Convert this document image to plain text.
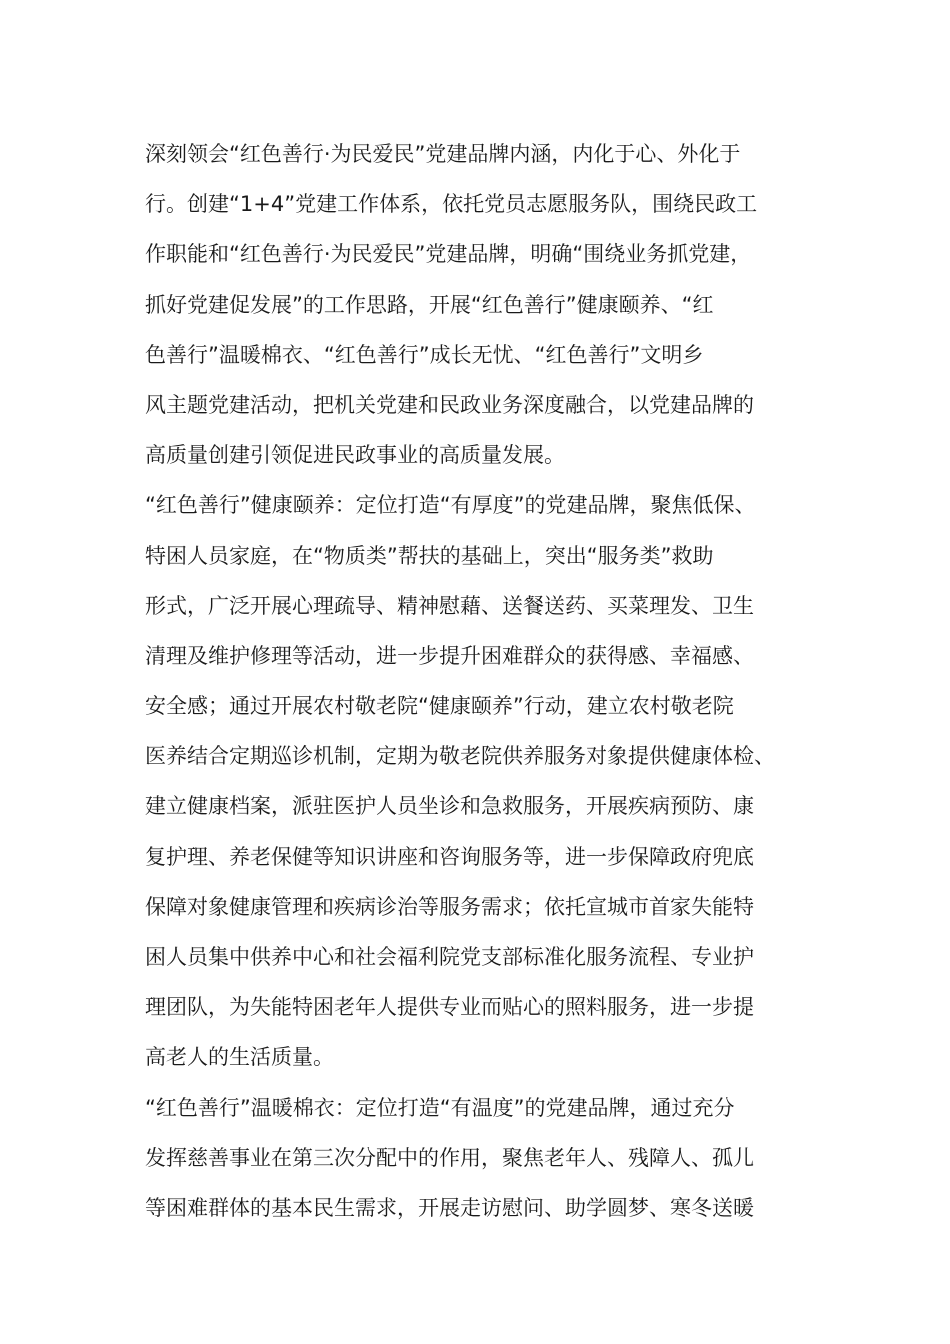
深刻领会“红色善行·为民爱民”党建品牌内涵，内化于心、外化于
行。创建“1+4”党建工作体系，依托党员志愿服务队，围绕民政工
作职能和“红色善行·为民爱民”党建品牌，明确“围绕业务抓党建，
抓好党建促发展”的工作思路，开展“红色善行”健康颐养、“红
色善行”温暖棉衣、“红色善行”成长无忧、“红色善行”文明乡
风主题党建活动，把机关党建和民政业务深度融合，以党建品牌的
高质量创建引领促进民政事业的高质量发展。
“红色善行”健康颐养：定位打造“有厚度”的党建品牌，聚焦低保、
特困人员家庭，在“物质类”帮扶的基础上，突出“服务类”救助
形式，广泛开展心理疏导、精神慰藉、送餐送药、买菜理发、卫生
清理及维护修理等活动，进一步提升困难群众的获得感、幸福感、
安全感；通过开展农村敬老院“健康颐养”行动，建立农村敬老院
医养结合定期巡诊机制，定期为敬老院供养服务对象提供健康体检、
建立健康档案，派驻医护人员坐诊和急救服务，开展疾病预防、康
复护理、养老保健等知识讲座和咨询服务等，进一步保障政府兜底
保障对象健康管理和疾病诊治等服务需求；依托宣城市首家失能特
困人员集中供养中心和社会福利院党支部标准化服务流程、专业护
理团队，为失能特困老年人提供专业而贴心的照料服务，进一步提
高老人的生活质量。
“红色善行”温暖棉衣：定位打造“有温度”的党建品牌，通过充分
发挥慈善事业在第三次分配中的作用，聚焦老年人、残障人、孤儿
等困难群体的基本民生需求，开展走访慰问、助学圆梦、寒冬送暖
